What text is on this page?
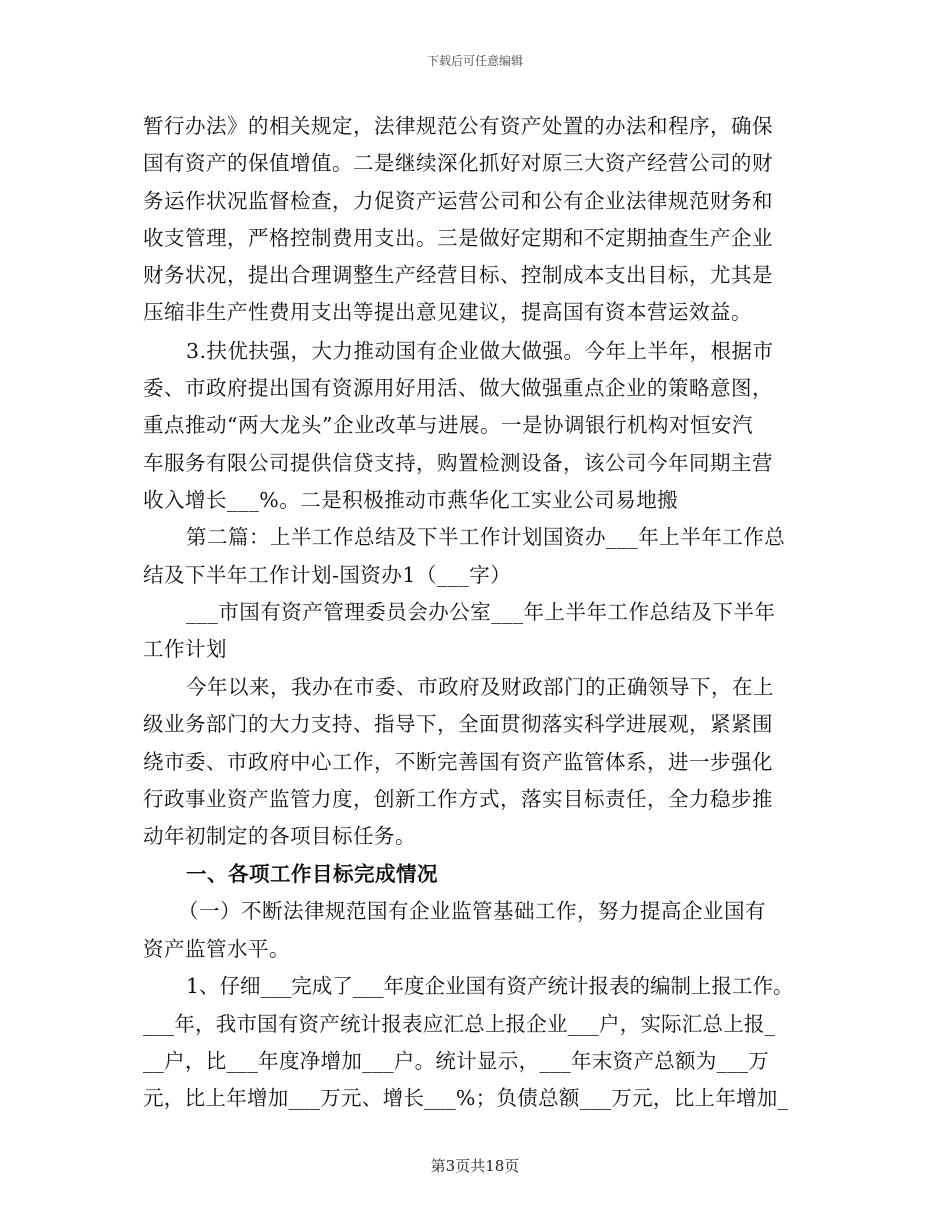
下载后可任意编辑
暂行办法》的相关规定，法律规范公有资产处置的办法和程序，确保
国有资产的保值增值。二是继续深化抓好对原三大资产经营公司的财
务运作状况监督检查，力促资产运营公司和公有企业法律规范财务和
收支管理，严格控制费用支出。三是做好定期和不定期抽查生产企业
财务状况，提出合理调整生产经营目标、控制成本支出目标，尤其是
压缩非生产性费用支出等提出意见建议，提高国有资本营运效益。
3.扶优扶强，大力推动国有企业做大做强。今年上半年，根据市
委、市政府提出国有资源用好用活、做大做强重点企业的策略意图，
重点推动“两大龙头”企业改革与进展。一是协调银行机构对恒安汽
车服务有限公司提供信贷支持，购置检测设备，该公司今年同期主营
收入增长___%。二是积极推动市燕华化工实业公司易地搬
第二篇：上半工作总结及下半工作计划国资办___年上半年工作总
结及下半年工作计划-国资办1（___字）
___市国有资产管理委员会办公室___年上半年工作总结及下半年
工作计划
今年以来，我办在市委、市政府及财政部门的正确领导下，在上
级业务部门的大力支持、指导下，全面贯彻落实科学进展观，紧紧围
绕市委、市政府中心工作，不断完善国有资产监管体系，进一步强化
行政事业资产监管力度，创新工作方式，落实目标责任，全力稳步推
动年初制定的各项目标任务。
一、各项工作目标完成情况
（一）不断法律规范国有企业监管基础工作，努力提高企业国有
资产监管水平。
1、仔细___完成了___年度企业国有资产统计报表的编制上报工作。
___年，我市国有资产统计报表应汇总上报企业___户，实际汇总上报_
__户，比___年度净增加___户。统计显示，___年末资产总额为___万
元，比上年增加___万元、增长___%；负债总额___万元，比上年增加_
第3页共18页
